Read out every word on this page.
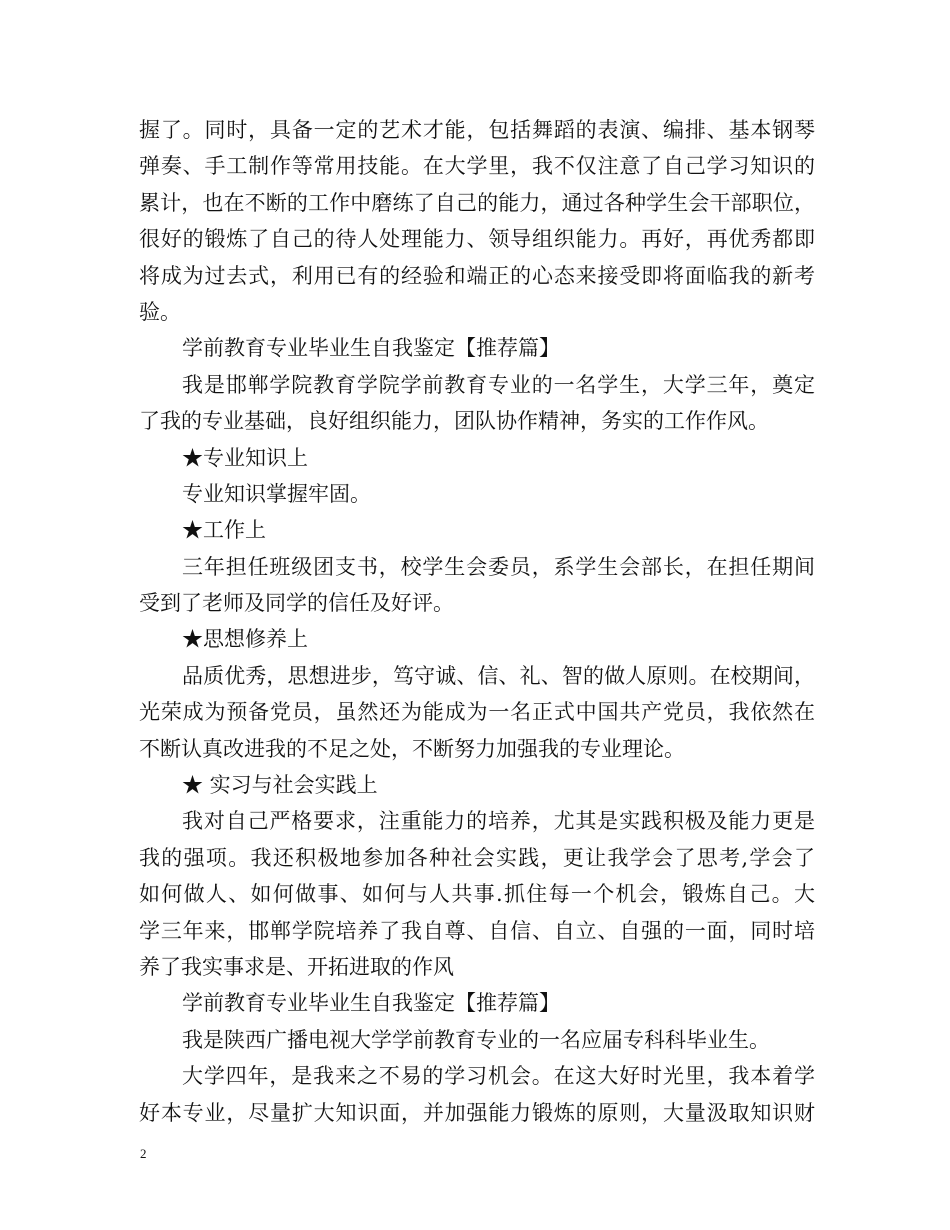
握了。同时，具备一定的艺术才能，包括舞蹈的表演、编排、基本钢琴
弹奏、手工制作等常用技能。在大学里，我不仅注意了自己学习知识的
累计，也在不断的工作中磨练了自己的能力，通过各种学生会干部职位，
很好的锻炼了自己的待人处理能力、领导组织能力。再好，再优秀都即
将成为过去式，利用已有的经验和端正的心态来接受即将面临我的新考
验。
学前教育专业毕业生自我鉴定【推荐篇】
我是邯郸学院教育学院学前教育专业的一名学生，大学三年，奠定
了我的专业基础，良好组织能力，团队协作精神，务实的工作作风。
★专业知识上
专业知识掌握牢固。
★工作上
三年担任班级团支书，校学生会委员，系学生会部长，在担任期间
受到了老师及同学的信任及好评。
★思想修养上
品质优秀，思想进步，笃守诚、信、礼、智的做人原则。在校期间，
光荣成为预备党员，虽然还为能成为一名正式中国共产党员，我依然在
不断认真改进我的不足之处，不断努力加强我的专业理论。
★ 实习与社会实践上
我对自己严格要求，注重能力的培养，尤其是实践积极及能力更是
我的强项。我还积极地参加各种社会实践，更让我学会了思考,学会了
如何做人、如何做事、如何与人共事.抓住每一个机会，锻炼自己。大
学三年来，邯郸学院培养了我自尊、自信、自立、自强的一面，同时培
养了我实事求是、开拓进取的作风
学前教育专业毕业生自我鉴定【推荐篇】
我是陕西广播电视大学学前教育专业的一名应届专科科毕业生。
大学四年，是我来之不易的学习机会。在这大好时光里，我本着学
好本专业，尽量扩大知识面，并加强能力锻炼的原则，大量汲取知识财
2
